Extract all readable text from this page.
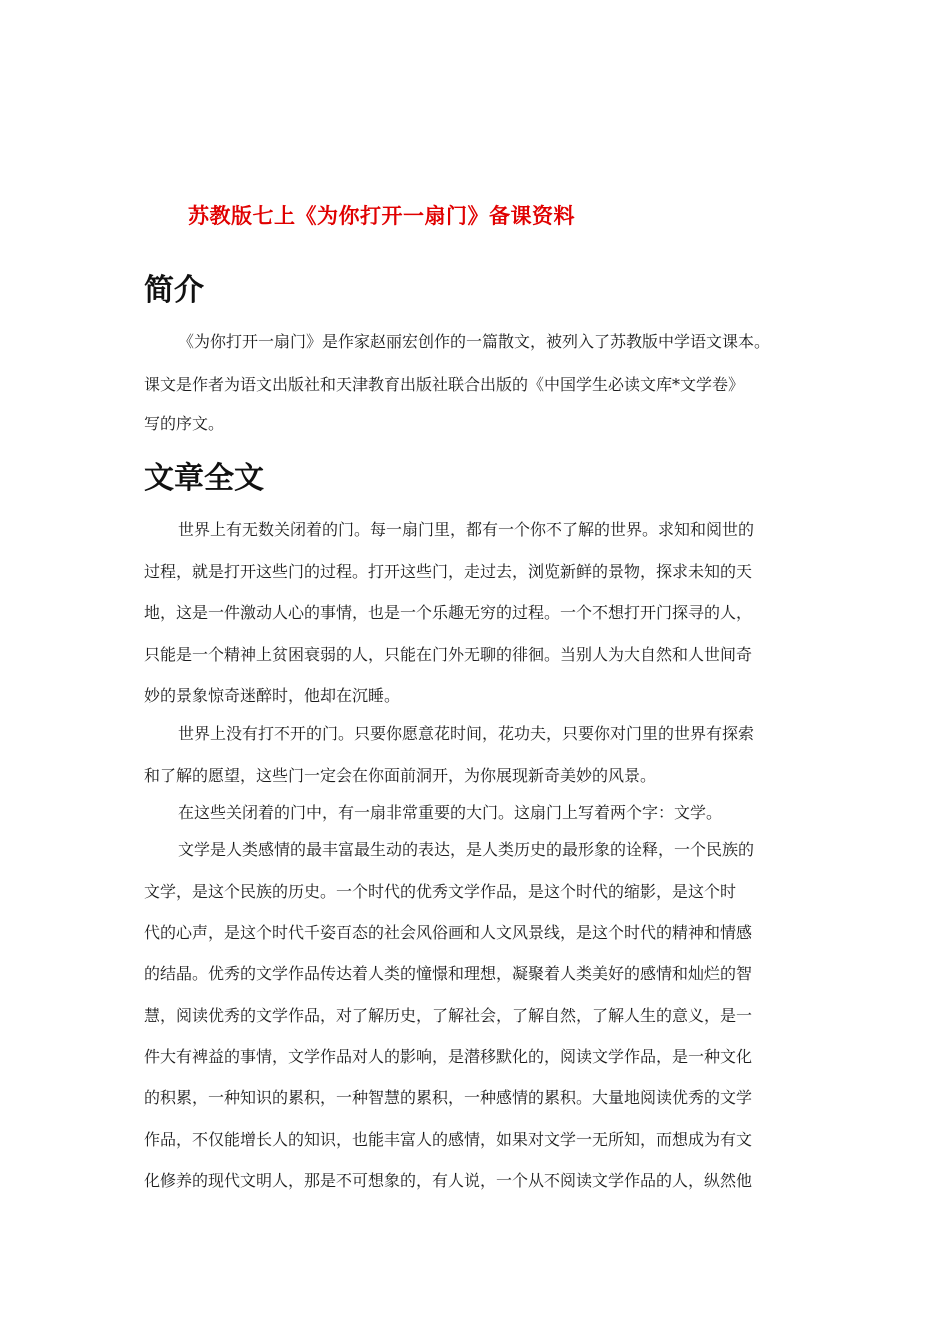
苏教版七上《为你打开一扇门》备课资料
简介
《为你打开一扇门》是作家赵丽宏创作的一篇散文，被列入了苏教版中学语文课本。
课文是作者为语文出版社和天津教育出版社联合出版的《中国学生必读文库*文学卷》
写的序文。
文章全文
世界上有无数关闭着的门。每一扇门里，都有一个你不了解的世界。求知和阅世的
过程，就是打开这些门的过程。打开这些门，走过去，浏览新鲜的景物，探求未知的天
地，这是一件激动人心的事情，也是一个乐趣无穷的过程。一个不想打开门探寻的人，
只能是一个精神上贫困衰弱的人，只能在门外无聊的徘徊。当别人为大自然和人世间奇
妙的景象惊奇迷醉时，他却在沉睡。
世界上没有打不开的门。只要你愿意花时间，花功夫，只要你对门里的世界有探索
和了解的愿望，这些门一定会在你面前洞开，为你展现新奇美妙的风景。
在这些关闭着的门中，有一扇非常重要的大门。这扇门上写着两个字：文学。
文学是人类感情的最丰富最生动的表达，是人类历史的最形象的诠释，一个民族的
文学，是这个民族的历史。一个时代的优秀文学作品，是这个时代的缩影，是这个时
代的心声，是这个时代千姿百态的社会风俗画和人文风景线，是这个时代的精神和情感
的结晶。优秀的文学作品传达着人类的憧憬和理想，凝聚着人类美好的感情和灿烂的智
慧，阅读优秀的文学作品，对了解历史，了解社会，了解自然，了解人生的意义，是一
件大有裨益的事情，文学作品对人的影响，是潜移默化的，阅读文学作品，是一种文化
的积累，一种知识的累积，一种智慧的累积，一种感情的累积。大量地阅读优秀的文学
作品，不仅能增长人的知识，也能丰富人的感情，如果对文学一无所知，而想成为有文
化修养的现代文明人，那是不可想象的，有人说，一个从不阅读文学作品的人，纵然他
